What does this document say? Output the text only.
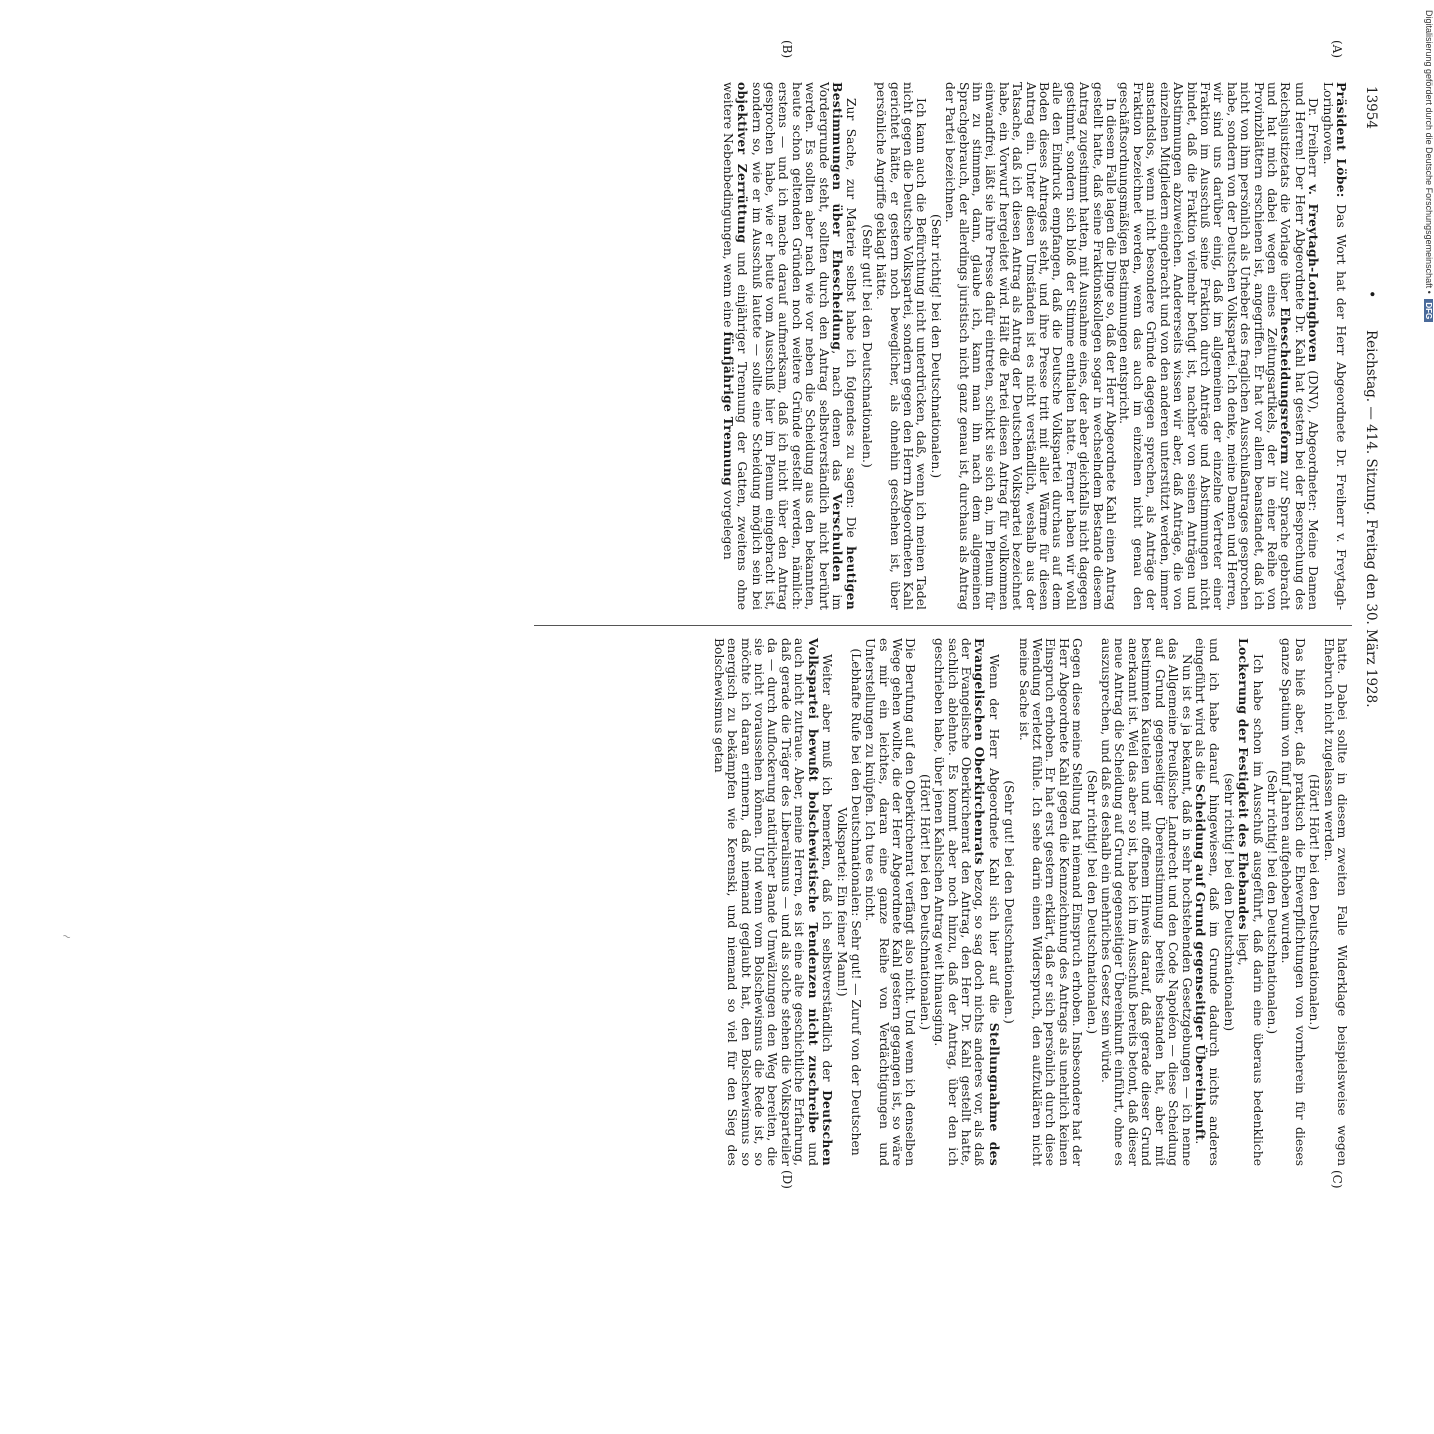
13954
•
Reichstag. — 414. Sitzung. Freitag den 30. März 1928.
(A)
(B)
(C)
(D)

Präsident Löbe: Das Wort hat der Herr Abgeordnete Dr. Freiherr v. Freytagh-Loringhoven.

Dr. Freiherr v. Freytagh-Loringhoven (DNV), Abgeordneter: Meine Damen und Herren! Der Herr Abgeordnete Dr. Kahl hat gestern bei der Besprechung des Reichsjustizetats die Vorlage über Ehescheidungsreform zur Sprache gebracht und hat mich dabei wegen eines Zeitungsartikels, der in einer Reihe von Provinzblättern erschienen ist, angegriffen. Er hat vor allem beanstandet, daß ich nicht von ihm persönlich als Urheber des fraglichen Ausschußantrages gesprochen habe, sondern von der Deutschen Volkspartei. Ich denke, meine Damen und Herren, wir sind uns darüber einig, daß im allgemeinen der einzelne Vertreter einer Fraktion im Ausschuß seine Fraktion durch Anträge und Abstimmungen nicht bindet, daß die Fraktion vielmehr befugt ist, nachher von seinen Anträgen und Abstimmungen abzuweichen. Andererseits wissen wir aber, daß Anträge, die von einzelnen Mitgliedern eingebracht und von den anderen unterstützt werden, immer anstandslos, wenn nicht besondere Gründe dagegen sprechen, als Anträge der Fraktion bezeichnet werden, wenn das auch im einzelnen nicht genau den geschäftsordnungsmäßigen Bestimmungen entspricht.

In diesem Falle lagen die Dinge so, daß der Herr Abgeordnete Kahl einen Antrag gestellt hatte, daß seine Fraktionskollegen sogar in wechselndem Bestande diesem Antrag zugestimmt hatten, mit Ausnahme eines, der aber gleichfalls nicht dagegen gestimmt, sondern sich bloß der Stimme enthalten hatte. Ferner haben wir wohl alle den Eindruck empfangen, daß die Deutsche Volkspartei durchaus auf dem Boden dieses Antrages steht, und ihre Presse tritt mit aller Wärme für diesen Antrag ein. Unter diesen Umständen ist es nicht verständlich, weshalb aus der Tatsache, daß ich diesen Antrag als Antrag der Deutschen Volkspartei bezeichnet habe, ein Vorwurf hergeleitet wird. Hält die Partei diesen Antrag für vollkommen einwandfrei, läßt sie ihre Presse dafür eintreten, schickt sie sich an, im Plenum für ihn zu stimmen, dann, glaube ich, kann man ihn nach dem allgemeinen Sprachgebrauch, der allerdings juristisch nicht ganz genau ist, durchaus als Antrag der Partei bezeichnen.

(Sehr richtig! bei den Deutschnationalen.)

Ich kann auch die Befürchtung nicht unterdrücken, daß, wenn ich meinen Tadel nicht gegen die Deutsche Volkspartei, sondern gegen den Herrn Abgeordneten Kahl gerichtet hätte, er gestern noch beweglicher, als ohnehin geschehen ist, über persönliche Angriffe geklagt hätte.

(Sehr gut! bei den Deutschnationalen.)

Zur Sache, zur Materie selbst habe ich folgendes zu sagen: Die heutigen Bestimmungen über Ehescheidung, nach denen das Verschulden im Vordergrunde steht, sollten durch den Antrag selbstverständlich nicht berührt werden. Es sollten aber nach wie vor neben die Scheidung aus den bekannten, heute schon geltenden Gründen noch weitere Gründe gestellt werden, nämlich: erstens — und ich mache darauf aufmerksam, daß ich nicht über den Antrag gesprochen habe, wie er heute vom Ausschuß hier im Plenum eingebracht ist, sondern so, wie er im Ausschuß lautete — sollte eine Scheidung möglich sein bei objektiver Zerrüttung und einjähriger Trennung der Gatten, zweitens ohne weitere Nebenbedingungen, wenn eine fünfjährige Trennung vorgelegen

hatte. Dabei sollte in diesem zweiten Falle Widerklage beispielsweise wegen Ehebruch nicht zugelassen werden.

(Hört! Hört! bei den Deutschnationalen.)

Das hieß aber, daß praktisch die Eheverpflichtungen von vornherein für dieses ganze Spatium von fünf Jahren aufgehoben wurden.

(Sehr richtig! bei den Deutschnationalen.)

Ich habe schon im Ausschuß ausgeführt, daß darin eine überaus bedenkliche Lockerung der Festigkeit des Ehebandes liegt,

(sehr richtig! bei den Deutschnationalen)

und ich habe darauf hingewiesen, daß im Grunde dadurch nichts anderes eingeführt wird als die Scheidung auf Grund gegenseitiger Übereinkunft.

Nun ist es ja bekannt, daß in sehr hochstehenden Gesetzgebungen — ich nenne das Allgemeine Preußische Landrecht und den Code Napoléon — diese Scheidung auf Grund gegenseitiger Übereinstimmung bereits bestanden hat, aber mit bestimmten Kautelen und mit offenem Hinweis darauf, daß gerade dieser Grund anerkannt ist. Weil das aber so ist, habe ich im Ausschuß bereits betont, daß dieser neue Antrag die Scheidung auf Grund gegenseitiger Übereinkunft einführt, ohne es auszusprechen, und daß es deshalb ein unehrliches Gesetz sein würde.

(Sehr richtig! bei den Deutschnationalen.)

Gegen diese meine Stellung hat niemand Einspruch erhoben. Insbesondere hat der Herr Abgeordnete Kahl gegen die Kennzeichnung des Antrags als unehrlich keinen Einspruch erhoben. Er hat erst gestern erklärt, daß er sich persönlich durch diese Wendung verletzt fühle. Ich sehe darin einen Widerspruch, den aufzuklären nicht meine Sache ist.

(Sehr gut! bei den Deutschnationalen.)

Wenn der Herr Abgeordnete Kahl sich hier auf die Stellungnahme des Evangelischen Oberkirchenrats bezog, so sag doch nichts anderes vor, als daß der Evangelische Oberkirchenrat den Antrag, den Herr Dr. Kahl gestellt hatte, sachlich ablehnte. Es kommt aber noch hinzu, daß der Antrag, über den ich geschrieben habe, über jenen Kahlschen Antrag weit hinausging.

(Hört! Hört! bei den Deutschnationalen.)

Die Berufung auf den Oberkirchenrat verfängt also nicht. Und wenn ich denselben Wege gehen wollte, die der Herr Abgeordnete Kahl gestern gegangen ist, so wäre es mir ein leichtes, daran eine ganze Reihe von Verdächtigungen und Unterstellungen zu knüpfen. Ich tue es nicht.

(Lebhafte Rufe bei den Deutschnationalen: Sehr gut! — Zuruf von der Deutschen Volkspartei: Ein feiner Mann!)

Weiter aber muß ich bemerken, daß ich selbstverständlich der Deutschen Volkspartei bewußt bolschewistische Tendenzen nicht zuschreibe und auch nicht zutraue. Aber, meine Herren, es ist eine alte geschichtliche Erfahrung, daß gerade die Träger des Liberalismus — und als solche stehen die Volksparteiler da — durch Auflockerung natürlicher Bande Umwälzungen den Weg bereiten, die sie nicht voraussehen können. Und wenn vom Bolschewismus die Rede ist, so möchte ich daran erinnern, daß niemand geglaubt hat, den Bolschewismus so energisch zu bekämpfen wie Kerenski, und niemand so viel für den Sieg des Bolschewismus getan

Digitalisierung gefördert durch die Deutsche Forschungsgemeinschaft • DFG
~
